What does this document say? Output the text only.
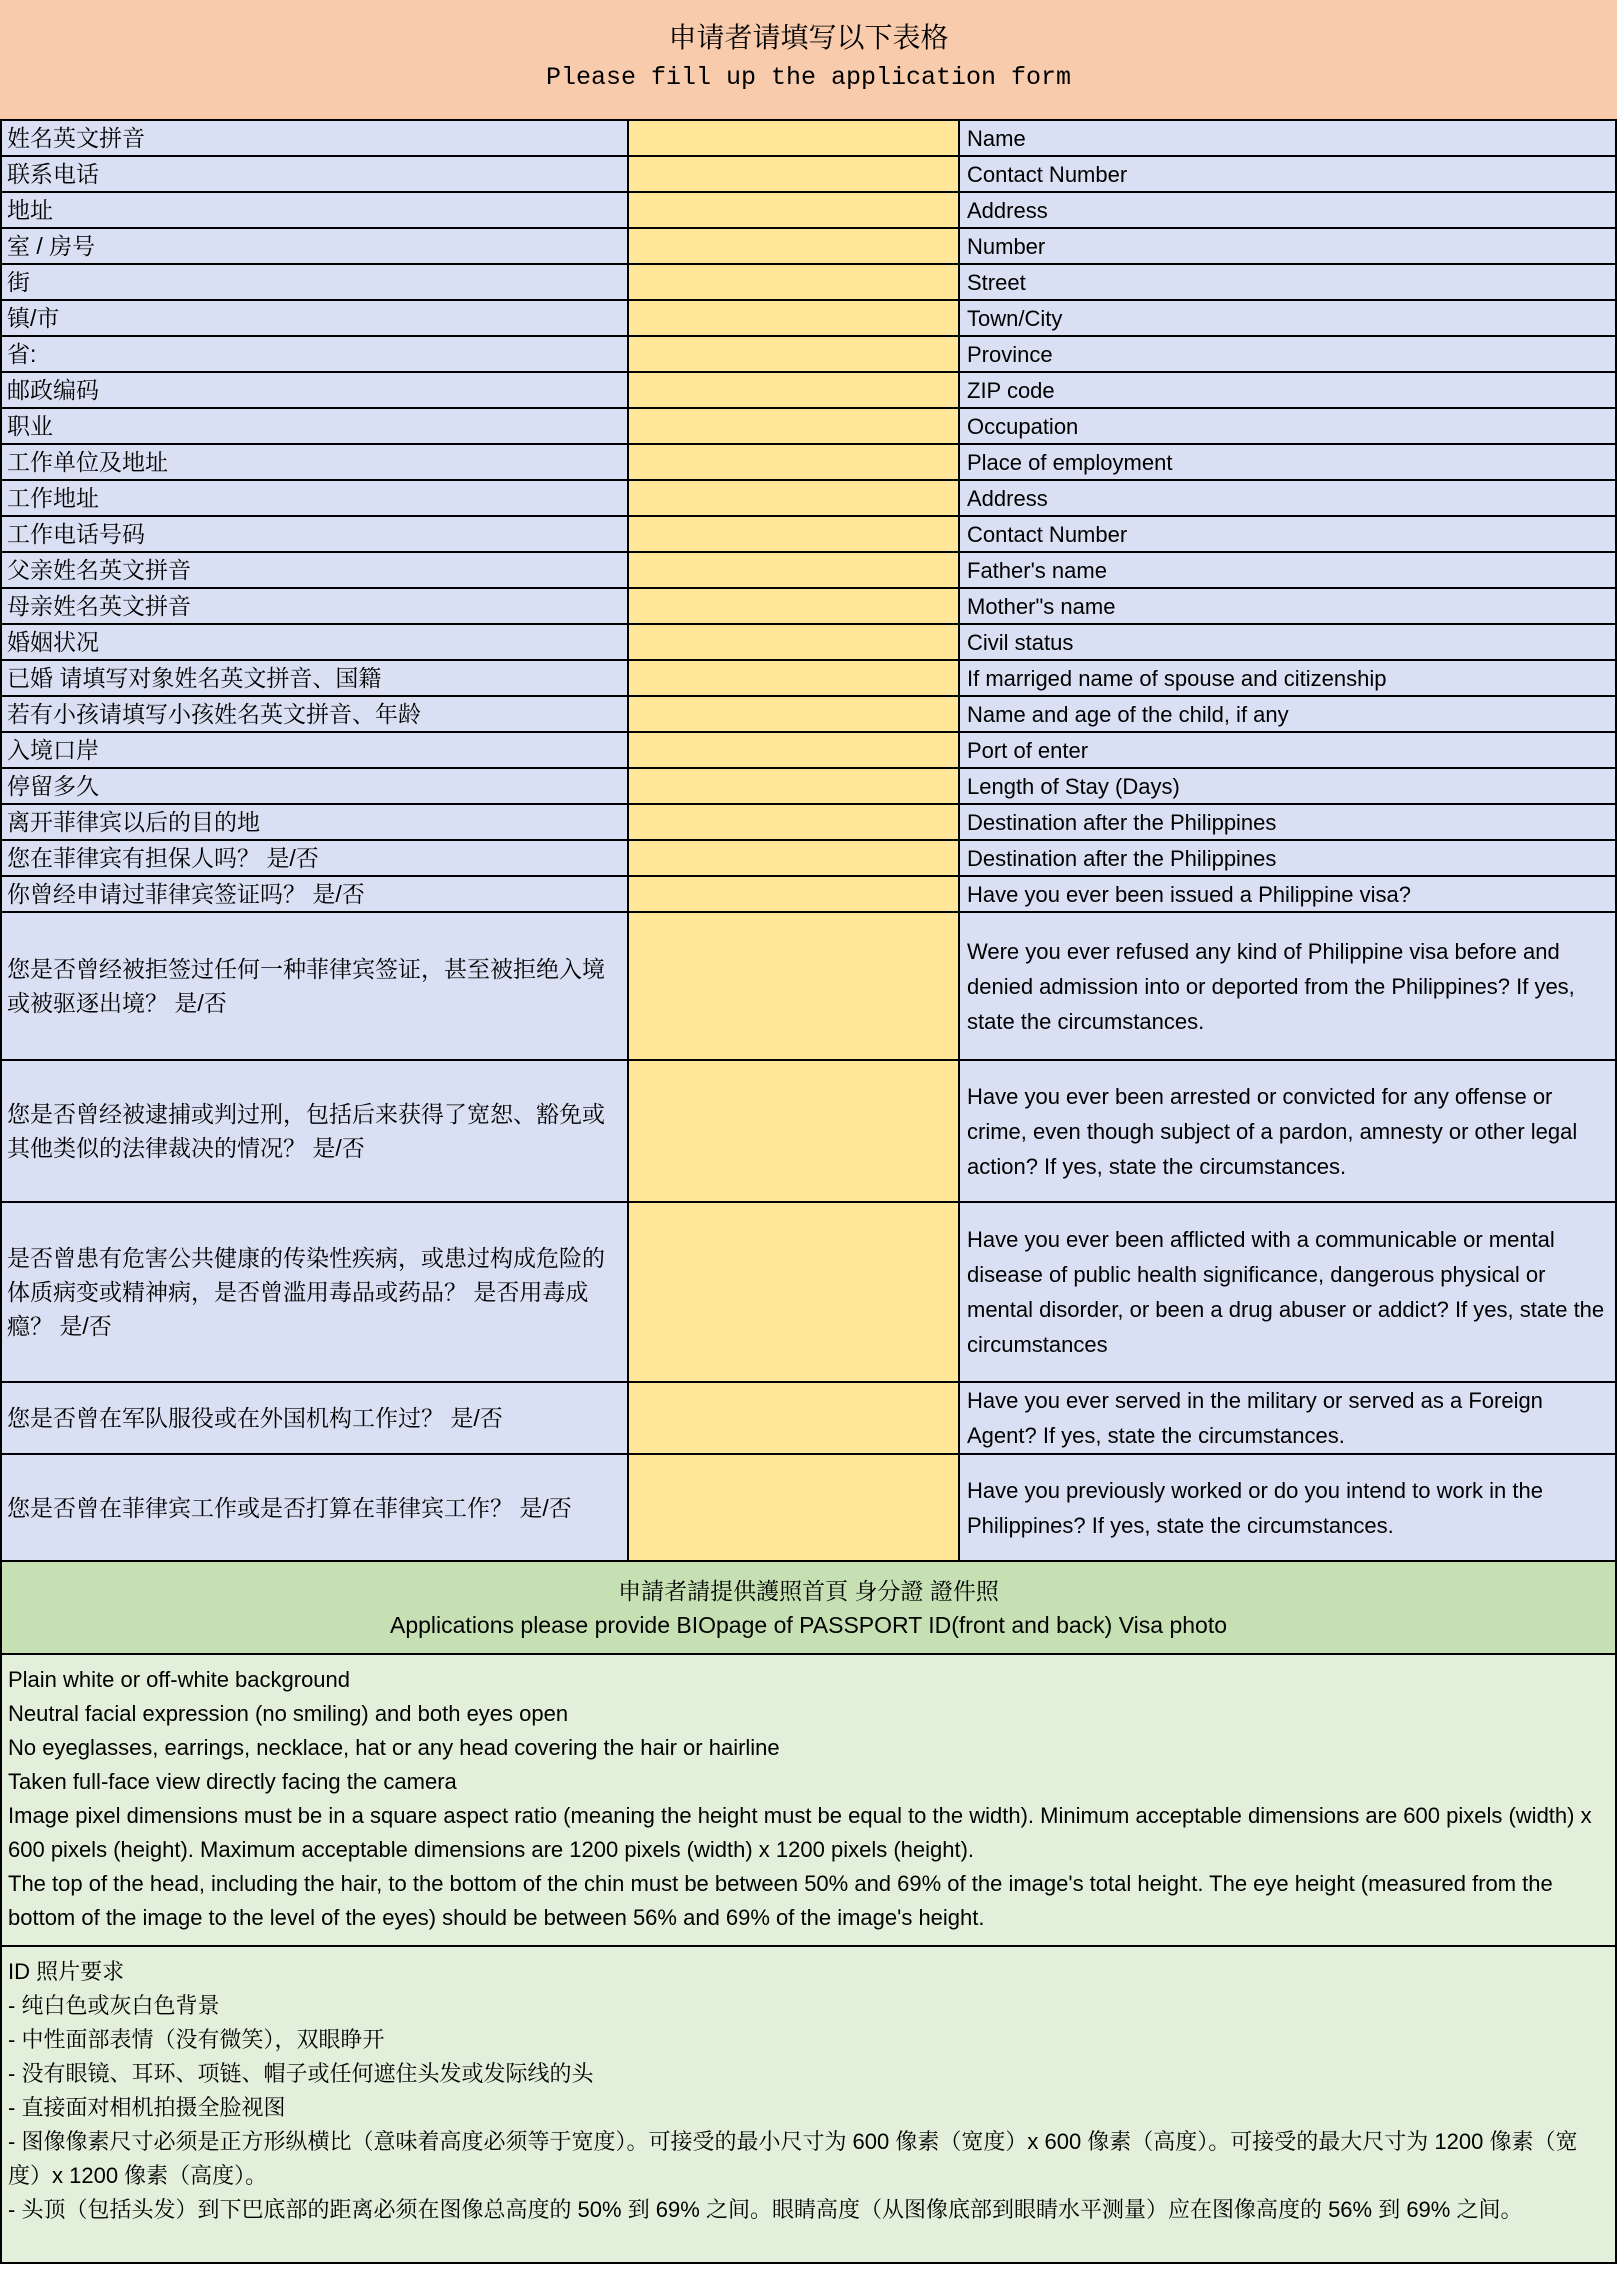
申请者请填写以下表格
Please fill up the application form
姓名英文拼音	Name
联系电话	Contact Number
地址	Address
室 / 房号	Number
街	Street
镇/市	Town/City
省:	Province
邮政编码	ZIP code
职业	Occupation
工作单位及地址	Place of employment
工作地址	Address
工作电话号码	Contact Number
父亲姓名英文拼音	Father's name
母亲姓名英文拼音	Mother"s name
婚姻状况	Civil status
已婚 请填写对象姓名英文拼音、国籍	If marriged name of spouse and citizenship
若有小孩请填写小孩姓名英文拼音、年龄	Name and age of the child, if any
入境口岸	Port of enter
停留多久	Length of Stay (Days)
离开菲律宾以后的目的地	Destination after the Philippines
您在菲律宾有担保人吗？ 是/否	Destination after the Philippines
你曾经申请过菲律宾签证吗？ 是/否	Have you ever been issued a Philippine visa?
您是否曾经被拒签过任何一种菲律宾签证，甚至被拒绝入境或被驱逐出境？ 是/否
Were you ever refused any kind of Philippine visa before and denied admission into or deported from the Philippines? If yes, state the circumstances.
您是否曾经被逮捕或判过刑，包括后来获得了宽恕、豁免或其他类似的法律裁决的情况？ 是/否
Have you ever been arrested or convicted for any offense or crime, even though subject of a pardon, amnesty or other legal action? If yes, state the circumstances.
是否曾患有危害公共健康的传染性疾病，或患过构成危险的体质病变或精神病，是否曾滥用毒品或药品？ 是否用毒成瘾？ 是/否
Have you ever been afflicted with a communicable or mental disease of public health significance, dangerous physical or mental disorder, or been a drug abuser or addict? If yes, state the circumstances
您是否曾在军队服役或在外国机构工作过？ 是/否
Have you ever served in the military or served as a Foreign Agent? If yes, state the circumstances.
您是否曾在菲律宾工作或是否打算在菲律宾工作？ 是/否
Have you previously worked or do you intend to work in the Philippines? If yes, state the circumstances.
申請者請提供護照首頁 身分證 證件照
Applications please provide BIOpage of PASSPORT ID(front and back) Visa photo
Plain white or off-white background
Neutral facial expression (no smiling) and both eyes open
No eyeglasses, earrings, necklace, hat or any head covering the hair or hairline
Taken full-face view directly facing the camera
Image pixel dimensions must be in a square aspect ratio (meaning the height must be equal to the width). Minimum acceptable dimensions are 600 pixels (width) x 600 pixels (height). Maximum acceptable dimensions are 1200 pixels (width) x 1200 pixels (height).
The top of the head, including the hair, to the bottom of the chin must be between 50% and 69% of the image's total height. The eye height (measured from the bottom of the image to the level of the eyes) should be between 56% and 69% of the image's height.
ID 照片要求
- 纯白色或灰白色背景
- 中性面部表情（没有微笑），双眼睁开
- 没有眼镜、耳环、项链、帽子或任何遮住头发或发际线的头
- 直接面对相机拍摄全脸视图
- 图像像素尺寸必须是正方形纵横比（意味着高度必须等于宽度）。可接受的最小尺寸为 600 像素（宽度）x 600 像素（高度）。可接受的最大尺寸为 1200 像素（宽度）x 1200 像素（高度）。
- 头顶（包括头发）到下巴底部的距离必须在图像总高度的 50% 到 69% 之间。眼睛高度（从图像底部到眼睛水平测量）应在图像高度的 56% 到 69% 之间。
